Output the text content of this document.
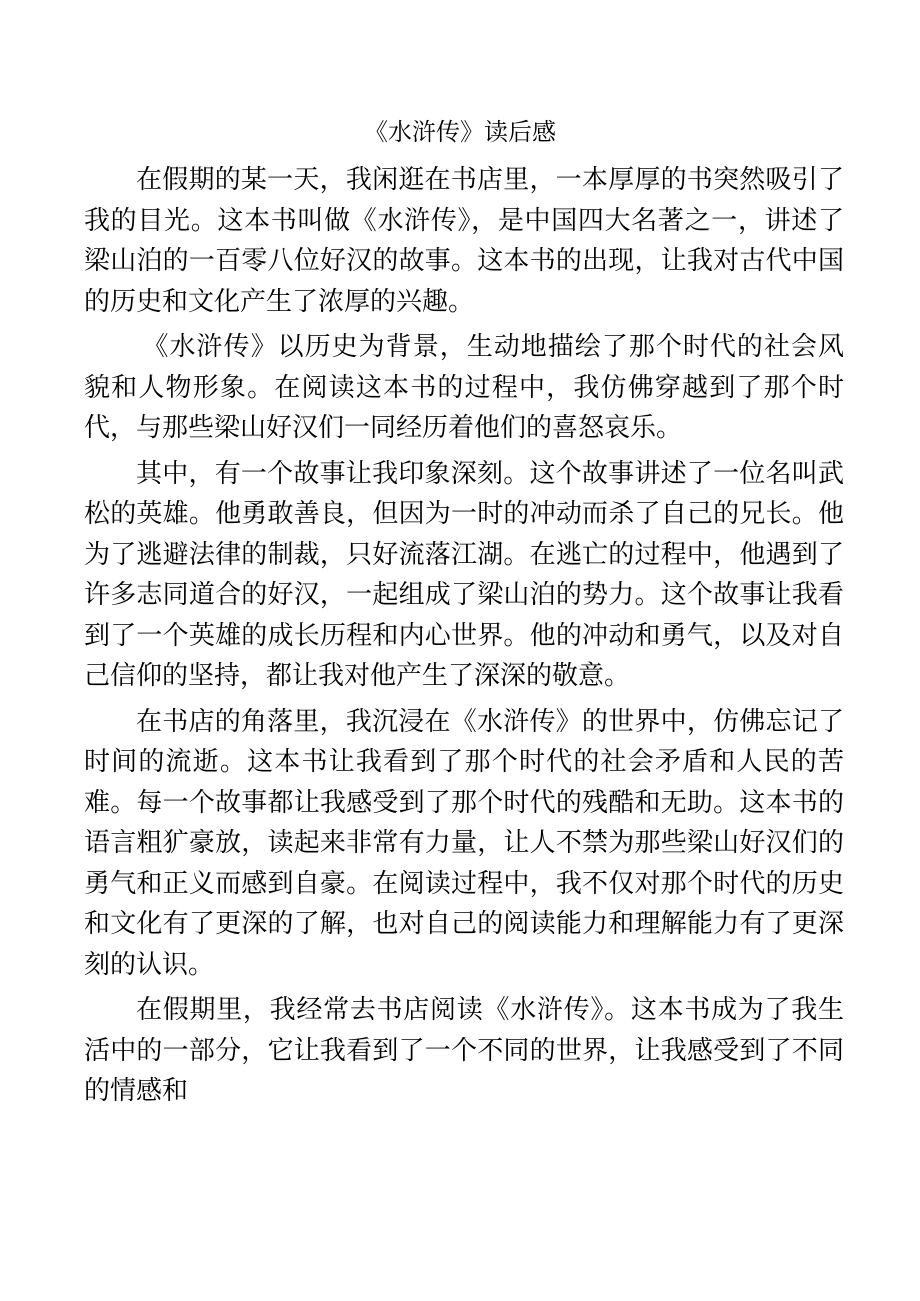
《水浒传》读后感

在假期的某一天，我闲逛在书店里，一本厚厚的书突然吸引了我的目光。这本书叫做《水浒传》，是中国四大名著之一，讲述了梁山泊的一百零八位好汉的故事。这本书的出现，让我对古代中国的历史和文化产生了浓厚的兴趣。

《水浒传》以历史为背景，生动地描绘了那个时代的社会风貌和人物形象。在阅读这本书的过程中，我仿佛穿越到了那个时代，与那些梁山好汉们一同经历着他们的喜怒哀乐。

其中，有一个故事让我印象深刻。这个故事讲述了一位名叫武松的英雄。他勇敢善良，但因为一时的冲动而杀了自己的兄长。他为了逃避法律的制裁，只好流落江湖。在逃亡的过程中，他遇到了许多志同道合的好汉，一起组成了梁山泊的势力。这个故事让我看到了一个英雄的成长历程和内心世界。他的冲动和勇气，以及对自己信仰的坚持，都让我对他产生了深深的敬意。

在书店的角落里，我沉浸在《水浒传》的世界中，仿佛忘记了时间的流逝。这本书让我看到了那个时代的社会矛盾和人民的苦难。每一个故事都让我感受到了那个时代的残酷和无助。这本书的语言粗犷豪放，读起来非常有力量，让人不禁为那些梁山好汉们的勇气和正义而感到自豪。在阅读过程中，我不仅对那个时代的历史和文化有了更深的了解，也对自己的阅读能力和理解能力有了更深刻的认识。

在假期里，我经常去书店阅读《水浒传》。这本书成为了我生活中的一部分，它让我看到了一个不同的世界，让我感受到了不同的情感和
